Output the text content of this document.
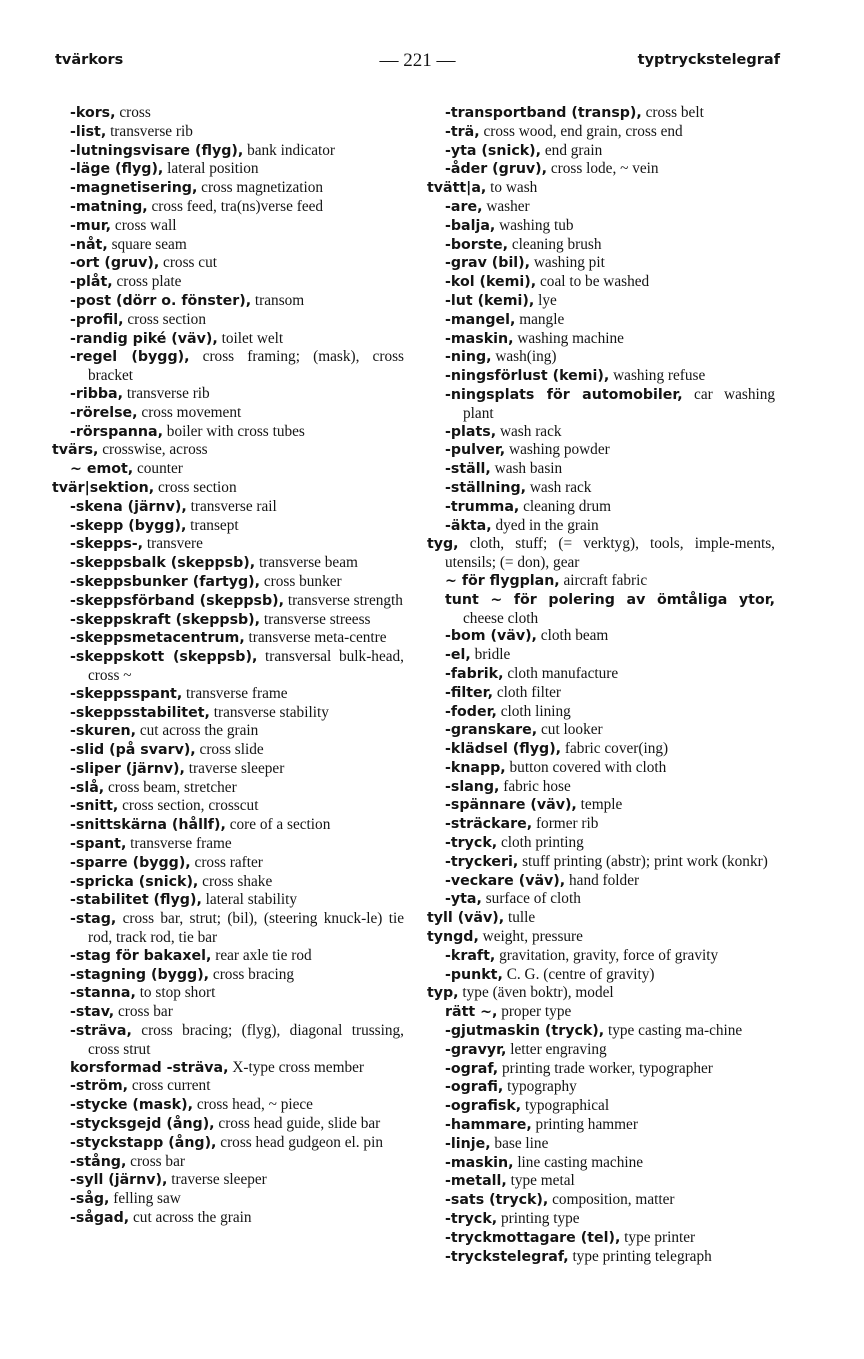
tvärkors	— 221 —	typtryckstelegraf
-kors, cross
-list, transverse rib
-lutningsvisare (flyg), bank indicator
-läge (flyg), lateral position
-magnetisering, cross magnetization
-matning, cross feed, tra(ns)verse feed
-mur, cross wall
-nåt, square seam
-ort (gruv), cross cut
-plåt, cross plate
-post (dörr o. fönster), transom
-profil, cross section
-randig piké (väv), toilet welt
-regel (bygg), cross framing; (mask), cross bracket
-ribba, transverse rib
-rörelse, cross movement
-rörspanna, boiler with cross tubes
tvärs, crosswise, across
~ emot, counter
tvär|sektion, cross section
-skena (järnv), transverse rail
-skepp (bygg), transept
-skepps-, transvere
-skeppsbalk (skeppsb), transverse beam
-skeppsbunker (fartyg), cross bunker
-skeppsförband (skeppsb), transverse strength
-skeppskraft (skeppsb), transverse streess
-skeppsmetacentrum, transverse meta-centre
-skeppskott (skeppsb), transversal bulk-head, cross ~
-skeppsspant, transverse frame
-skeppsstabilitet, transverse stability
-skuren, cut across the grain
-slid (på svarv), cross slide
-sliper (järnv), traverse sleeper
-slå, cross beam, stretcher
-snitt, cross section, crosscut
-snittskärna (hållf), core of a section
-spant, transverse frame
-sparre (bygg), cross rafter
-spricka (snick), cross shake
-stabilitet (flyg), lateral stability
-stag, cross bar, strut; (bil), (steering knuck-le) tie rod, track rod, tie bar
-stag för bakaxel, rear axle tie rod
-stagning (bygg), cross bracing
-stanna, to stop short
-stav, cross bar
-sträva, cross bracing; (flyg), diagonal trussing, cross strut
korsformad -sträva, X-type cross member
-ström, cross current
-stycke (mask), cross head, ~ piece
-stycksgejd (ång), cross head guide, slide bar
-styckstapp (ång), cross head gudgeon el. pin
-stång, cross bar
-syll (järnv), traverse sleeper
-såg, felling saw
-sågad, cut across the grain
-transportband (transp), cross belt
-trä, cross wood, end grain, cross end
-yta (snick), end grain
-åder (gruv), cross lode, ~ vein
tvätt|a, to wash
-are, washer
-balja, washing tub
-borste, cleaning brush
-grav (bil), washing pit
-kol (kemi), coal to be washed
-lut (kemi), lye
-mangel, mangle
-maskin, washing machine
-ning, wash(ing)
-ningsförlust (kemi), washing refuse
-ningsplats för automobiler, car washing plant
-plats, wash rack
-pulver, washing powder
-ställ, wash basin
-ställning, wash rack
-trumma, cleaning drum
-äkta, dyed in the grain
tyg, cloth, stuff; (= verktyg), tools, imple-ments, utensils; (= don), gear
~ för flygplan, aircraft fabric
tunt ~ för polering av ömtåliga ytor, cheese cloth
-bom (väv), cloth beam
-el, bridle
-fabrik, cloth manufacture
-filter, cloth filter
-foder, cloth lining
-granskare, cut looker
-klädsel (flyg), fabric cover(ing)
-knapp, button covered with cloth
-slang, fabric hose
-spännare (väv), temple
-sträckare, former rib
-tryck, cloth printing
-tryckeri, stuff printing (abstr); print work (konkr)
-veckare (väv), hand folder
-yta, surface of cloth
tyll (väv), tulle
tyngd, weight, pressure
-kraft, gravitation, gravity, force of gravity
-punkt, C. G. (centre of gravity)
typ, type (även boktr), model
rätt ~, proper type
-gjutmaskin (tryck), type casting ma-chine
-gravyr, letter engraving
-ograf, printing trade worker, typographer
-ografi, typography
-ografisk, typographical
-hammare, printing hammer
-linje, base line
-maskin, line casting machine
-metall, type metal
-sats (tryck), composition, matter
-tryck, printing type
-tryckmottagare (tel), type printer
-tryckstelegraf, type printing telegraph
